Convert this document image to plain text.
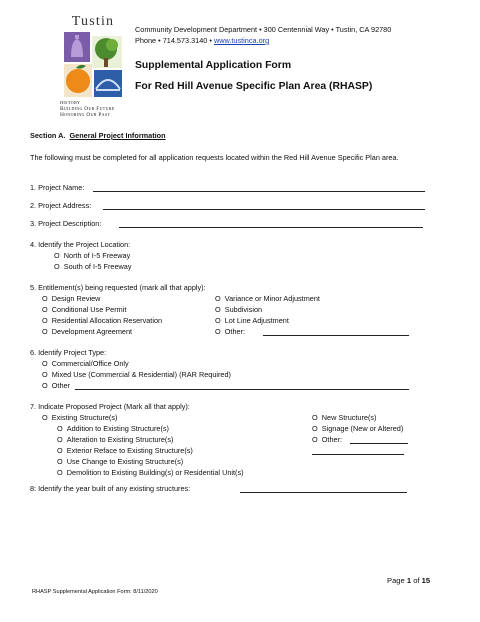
Tustin
HISTORY
Building Our Future
Honoring Our Past
Community Development Department • 300 Centennial Way • Tustin, CA 92780
Phone • 714.573.3140 • www.tustinca.org
Supplemental Application Form
For Red Hill Avenue Specific Plan Area (RHASP)
Section A. General Project Information
The following must be completed for all application requests located within the Red Hill Avenue Specific Plan area.
1. Project Name:
2. Project Address:
3. Project Description:
4. Identify the Project Location:
O North of I-5 Freeway
O South of I-5 Freeway
5. Entitlement(s) being requested (mark all that apply):
O Design Review
O Conditional Use Permit
O Residential Allocation Reservation
O Development Agreement
O Variance or Minor Adjustment
O Subdivision
O Lot Line Adjustment
O Other:
6. Identify Project Type:
O Commercial/Office Only
O Mixed Use (Commercial & Residential) (RAR Required)
O Other
7. Indicate Proposed Project (Mark all that apply):
O Existing Structure(s)
O Addition to Existing Structure(s)
O Alteration to Existing Structure(s)
O Exterior Reface to Existing Structure(s)
O Use Change to Existing Structure(s)
O Demolition to Existing Building(s) or Residential Unit(s)
O New Structure(s)
O Signage (New or Altered)
O Other:
8: Identify the year built of any existing structures:
Page 1 of 15
RHASP Supplemental Application Form: 8/11/2020
